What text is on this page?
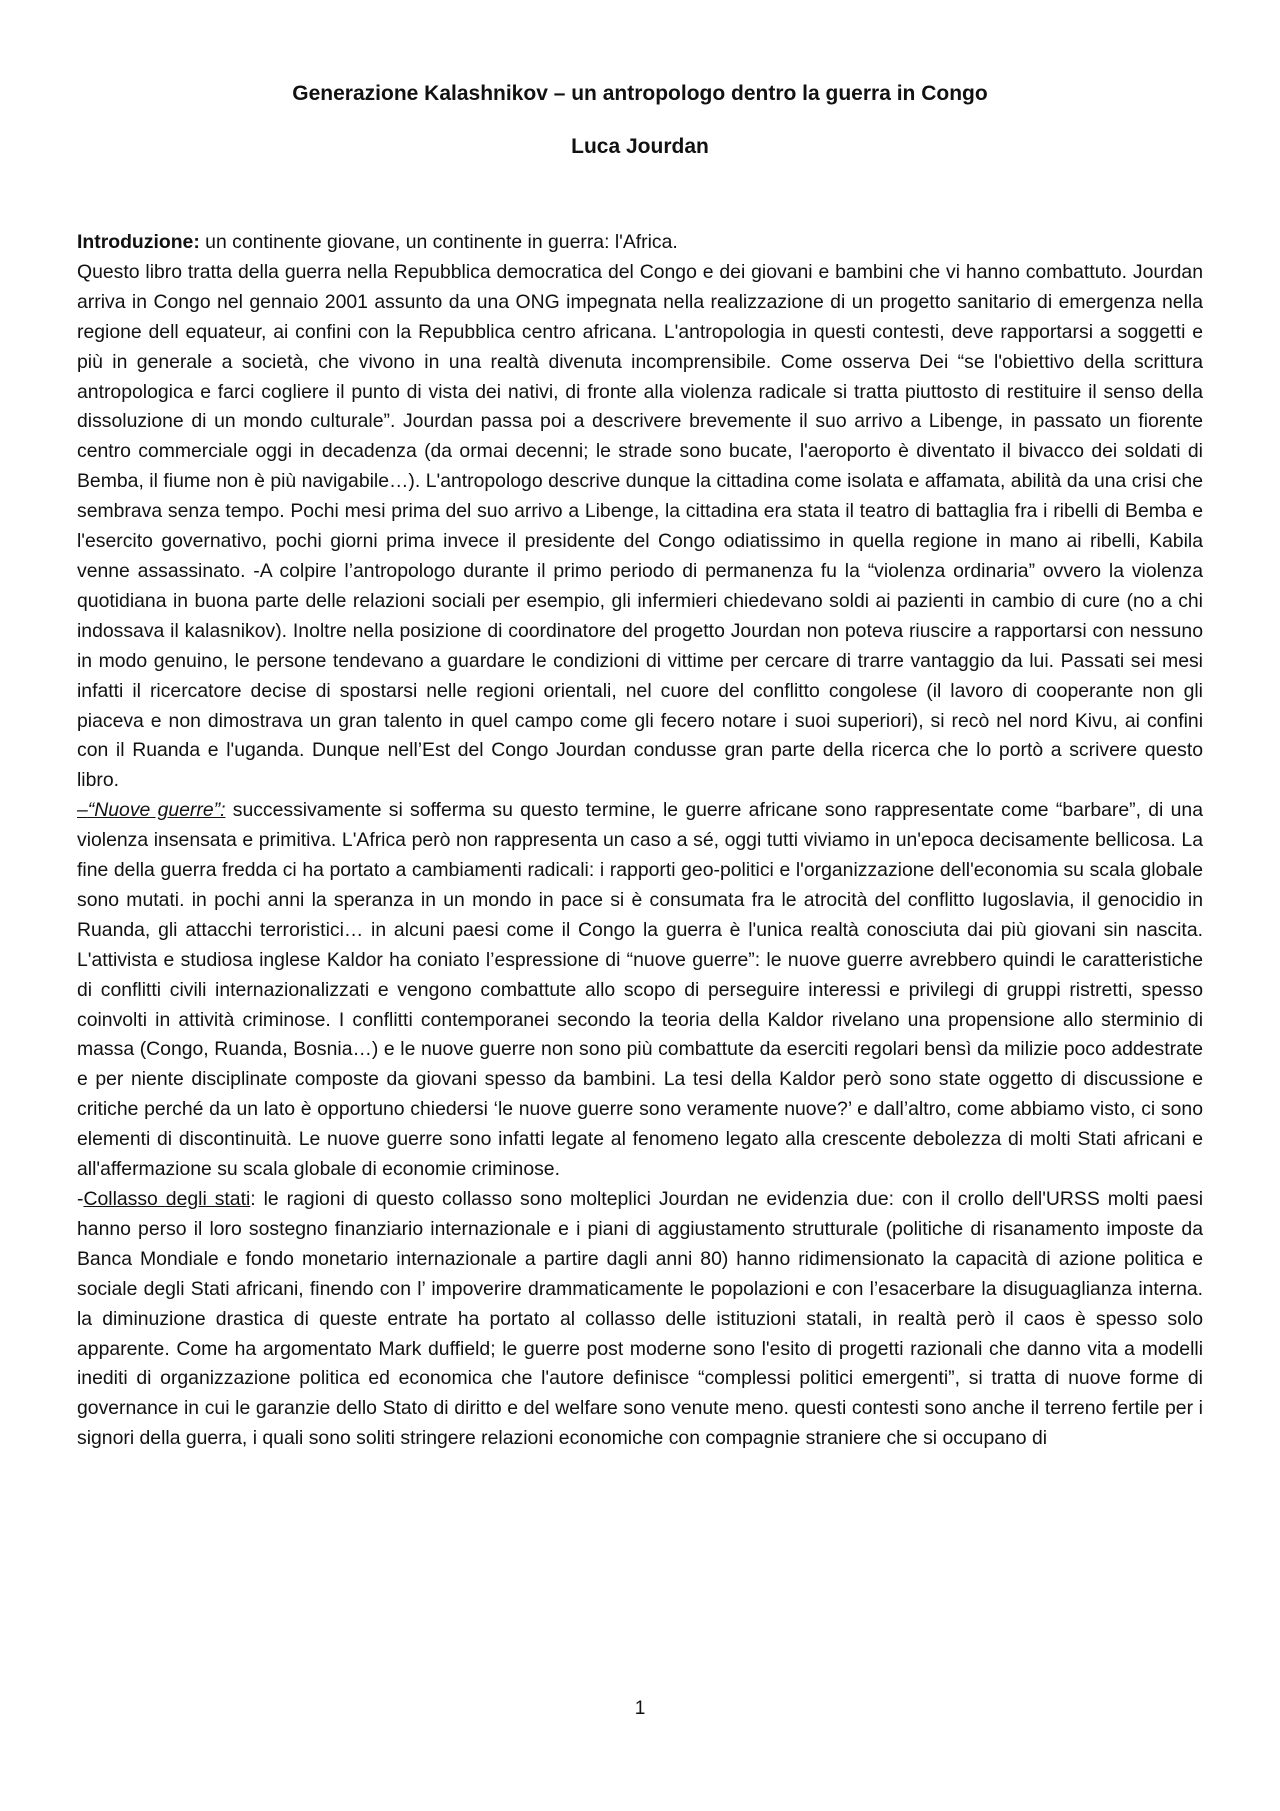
Generazione Kalashnikov – un antropologo dentro la guerra in Congo
Luca Jourdan

Introduzione: un continente giovane, un continente in guerra: l'Africa.

Questo libro tratta della guerra nella Repubblica democratica del Congo e dei giovani e bambini che vi hanno combattuto. Jourdan arriva in Congo nel gennaio 2001 assunto da una ONG impegnata nella realizzazione di un progetto sanitario di emergenza nella regione dell equateur, ai confini con la Repubblica centro africana. L'antropologia in questi contesti, deve rapportarsi a soggetti e più in generale a società, che vivono in una realtà divenuta incomprensibile. Come osserva Dei “se l'obiettivo della scrittura antropologica e farci cogliere il punto di vista dei nativi, di fronte alla violenza radicale si tratta piuttosto di restituire il senso della dissoluzione di un mondo culturale”. Jourdan passa poi a descrivere brevemente il suo arrivo a Libenge, in passato un fiorente centro commerciale oggi in decadenza (da ormai decenni; le strade sono bucate, l'aeroporto è diventato il bivacco dei soldati di Bemba, il fiume non è più navigabile…). L'antropologo descrive dunque la cittadina come isolata e affamata, abilità da una crisi che sembrava senza tempo. Pochi mesi prima del suo arrivo a Libenge, la cittadina era stata il teatro di battaglia fra i ribelli di Bemba e l'esercito governativo, pochi giorni prima invece il presidente del Congo odiatissimo in quella regione in mano ai ribelli, Kabila venne assassinato. -A colpire l’antropologo durante il primo periodo di permanenza fu la “violenza ordinaria” ovvero la violenza quotidiana in buona parte delle relazioni sociali per esempio, gli infermieri chiedevano soldi ai pazienti in cambio di cure (no a chi indossava il kalasnikov). Inoltre nella posizione di coordinatore del progetto Jourdan non poteva riuscire a rapportarsi con nessuno in modo genuino, le persone tendevano a guardare le condizioni di vittime per cercare di trarre vantaggio da lui. Passati sei mesi infatti il ricercatore decise di spostarsi nelle regioni orientali, nel cuore del conflitto congolese (il lavoro di cooperante non gli piaceva e non dimostrava un gran talento in quel campo come gli fecero notare i suoi superiori), si recò nel nord Kivu, ai confini con il Ruanda e l'uganda. Dunque nell’Est del Congo Jourdan condusse gran parte della ricerca che lo portò a scrivere questo libro.

–“Nuove guerre”: successivamente si sofferma su questo termine, le guerre africane sono rappresentate come “barbare”, di una violenza insensata e primitiva. L'Africa però non rappresenta un caso a sé, oggi tutti viviamo in un'epoca decisamente bellicosa. La fine della guerra fredda ci ha portato a cambiamenti radicali: i rapporti geo-politici e l'organizzazione dell'economia su scala globale sono mutati. in pochi anni la speranza in un mondo in pace si è consumata fra le atrocità del conflitto Iugoslavia, il genocidio in Ruanda, gli attacchi terroristici… in alcuni paesi come il Congo la guerra è l'unica realtà conosciuta dai più giovani sin nascita. L'attivista e studiosa inglese Kaldor ha coniato l’espressione di “nuove guerre”: le nuove guerre avrebbero quindi le caratteristiche di conflitti civili internazionalizzati e vengono combattute allo scopo di perseguire interessi e privilegi di gruppi ristretti, spesso coinvolti in attività criminose. I conflitti contemporanei secondo la teoria della Kaldor rivelano una propensione allo sterminio di massa (Congo, Ruanda, Bosnia…) e le nuove guerre non sono più combattute da eserciti regolari bensì da milizie poco addestrate e per niente disciplinate composte da giovani spesso da bambini. La tesi della Kaldor però sono state oggetto di discussione e critiche perché da un lato è opportuno chiedersi ‘le nuove guerre sono veramente nuove?’ e dall’altro, come abbiamo visto, ci sono elementi di discontinuità. Le nuove guerre sono infatti legate al fenomeno legato alla crescente debolezza di molti Stati africani e all'affermazione su scala globale di economie criminose.

-Collasso degli stati: le ragioni di questo collasso sono molteplici Jourdan ne evidenzia due: con il crollo dell'URSS molti paesi hanno perso il loro sostegno finanziario internazionale e i piani di aggiustamento strutturale (politiche di risanamento imposte da Banca Mondiale e fondo monetario internazionale a partire dagli anni 80) hanno ridimensionato la capacità di azione politica e sociale degli Stati africani, finendo con l’ impoverire drammaticamente le popolazioni e con l’esacerbare la disuguaglianza interna. la diminuzione drastica di queste entrate ha portato al collasso delle istituzioni statali, in realtà però il caos è spesso solo apparente. Come ha argomentato Mark duffield; le guerre post moderne sono l'esito di progetti razionali che danno vita a modelli inediti di organizzazione politica ed economica che l'autore definisce “complessi politici emergenti”, si tratta di nuove forme di governance in cui le garanzie dello Stato di diritto e del welfare sono venute meno. questi contesti sono anche il terreno fertile per i signori della guerra, i quali sono soliti stringere relazioni economiche con compagnie straniere che si occupano di

1
